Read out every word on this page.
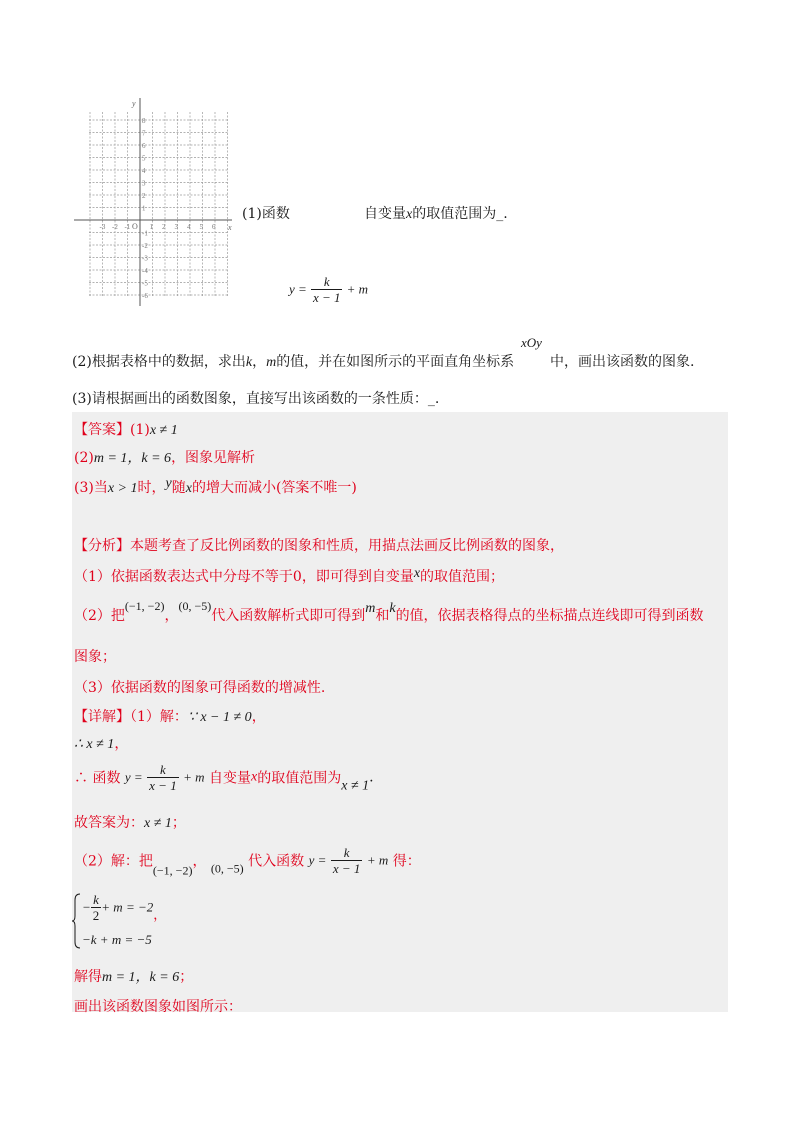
y
x
O
-3 -2 -1	1 2 3 4 5 6
8
7
6
5
4
3
2
1
-1
-2
-3
-4
-5
-6
(1)函数	自变量x的取值范围为_.
$y = \frac{k}{x - 1} + m$
xOy
(2)根据表格中的数据，求出k，m的值，并在如图所示的平面直角坐标系	中，画出该函数的图象.
(3)请根据画出的函数图象，直接写出该函数的一条性质：_.
【答案】(1)x ≠ 1
(2)m = 1，k = 6，图象见解析
(3)当x > 1时，y随x的增大而减小(答案不唯一)
【分析】本题考查了反比例函数的图象和性质，用描点法画反比例函数的图象，
（1）依据函数表达式中分母不等于0，即可得到自变量x的取值范围；
（2）把(−1, −2)，(0, −5)代入函数解析式即可得到m和k的值，依据表格得点的坐标描点连线即可得到函数
图象；
（3）依据函数的图象可得函数的增减性.
【详解】（1）解：∵ x − 1 ≠ 0，
∴ x ≠ 1，
∴ 函数 $y = \frac{k}{x - 1} + m$ 自变量x的取值范围为x ≠ 1.
故答案为：x ≠ 1；
（2）解：把(−1, −2)， (0, −5) 代入函数 $y = \frac{k}{x - 1} + m$ 得：
− $\frac{k}{2} + m = -2$，
−k + m = −5
解得m = 1，k = 6；
画出该函数图象如图所示：
